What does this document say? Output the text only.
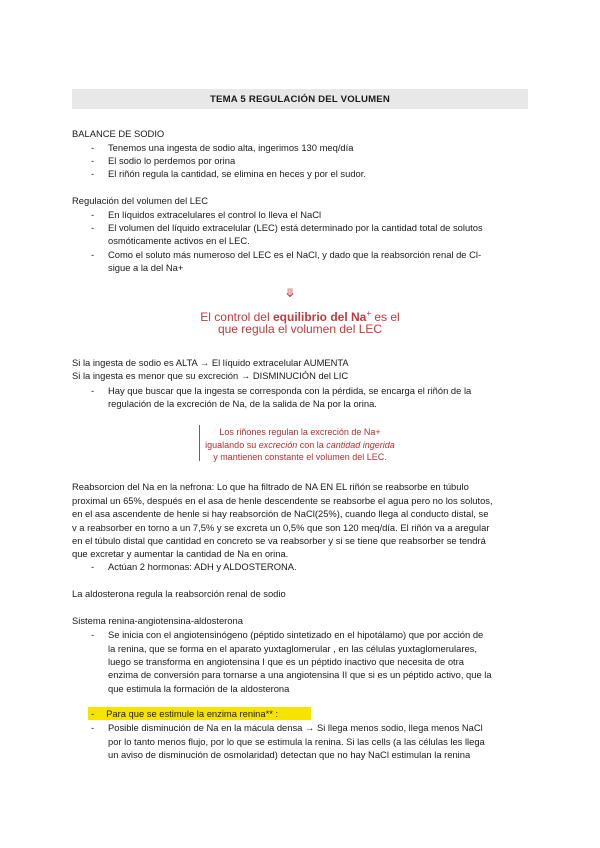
TEMA 5 REGULACIÓN DEL VOLUMEN
BALANCE DE SODIO
- Tenemos una ingesta de sodio alta, ingerimos 130 meq/día
- El sodio lo perdemos por orina
- El riñón regula la cantidad, se elimina en heces y por el sudor.
Regulación del volumen del LEC
- En líquidos extracelulares el control lo lleva el NaCl
- El volumen del líquido extracelular (LEC) está determinado por la cantidad total de solutos
osmóticamente activos en el LEC.
- Como el soluto más numeroso del LEC es el NaCl, y dado que la reabsorción renal de Cl-
sigue a la del Na+
⤋
El control del equilibrio del Na+ es el
que regula el volumen del LEC
Si la ingesta de sodio es ALTA → El líquido extracelular AUMENTA
Si la ingesta es menor que su excreción → DISMINUCIÓN del LIC
- Hay que buscar que la ingesta se corresponda con la pérdida, se encarga el riñón de la
regulación de la excreción de Na, de la salida de Na por la orina.
Los riñones regulan la excreción de Na+
igualando su excreción con la cantidad ingerida
y mantienen constante el volumen del LEC.
Reabsorcion del Na en la nefrona: Lo que ha filtrado de NA EN EL riñón se reabsorbe en túbulo
proximal un 65%, después en el asa de henle descendente se reabsorbe el agua pero no los solutos,
en el asa ascendente de henle si hay reabsorción de NaCl(25%), cuando llega al conducto distal, se
v a reabsorber en torno a un 7,5% y se excreta un 0,5% que son 120 meq/día. El riñón va a aregular
en el túbulo distal que cantidad en concreto se va reabsorber y si se tiene que reabsorber se tendrá
que excretar y aumentar la cantidad de Na en orina.
- Actúan 2 hormonas: ADH y ALDOSTERONA.
La aldosterona regula la reabsorción renal de sodio
Sistema renina-angiotensina-aldosterona
- Se inicia con el angiotensinógeno (péptido sintetizado en el hipotálamo) que por acción de
la renina, que se forma en el aparato yuxtaglomerular , en las células yuxtaglomerulares,
luego se transforma en angiotensina I que es un péptido inactivo que necesita de otra
enzima de conversión para tornarse a una angiotensina II que si es un péptido activo, que la
que estimula la formación de la aldosterona
- Para que se estimule la enzima renina** :
- Posible disminución de Na en la mácula densa → Si llega menos sodio, llega menos NaCl
por lo tanto menos flujo, por lo que se estimula la renina. Si las cells (a las células les llega
un aviso de disminución de osmolaridad) detectan que no hay NaCl estimulan la renina
